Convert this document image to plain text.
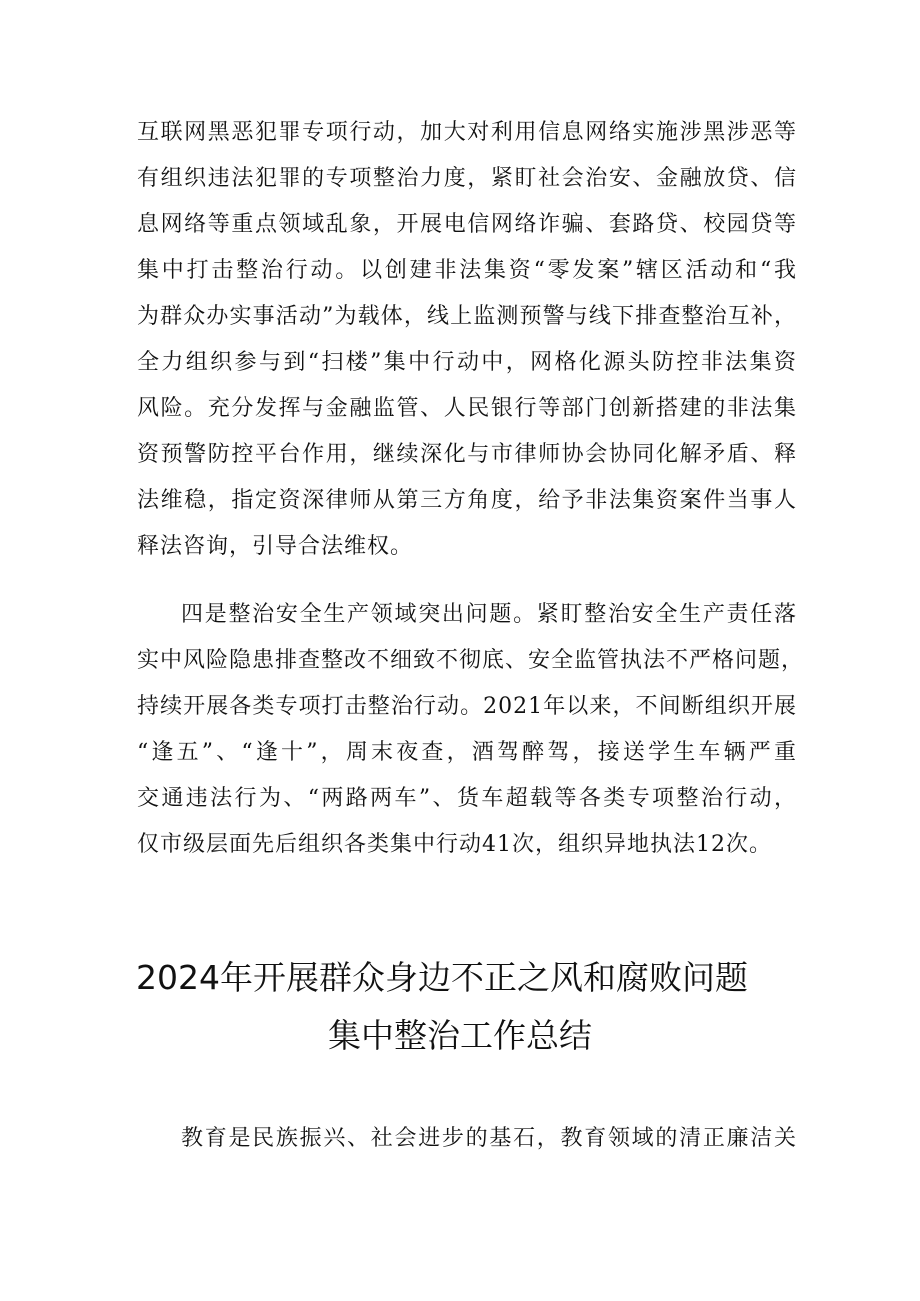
互联网黑恶犯罪专项行动，加大对利用信息网络实施涉黑涉恶等
有组织违法犯罪的专项整治力度，紧盯社会治安、金融放贷、信
息网络等重点领域乱象，开展电信网络诈骗、套路贷、校园贷等
集中打击整治行动。以创建非法集资“零发案”辖区活动和“我
为群众办实事活动”为载体，线上监测预警与线下排查整治互补，
全力组织参与到“扫楼”集中行动中，网格化源头防控非法集资
风险。充分发挥与金融监管、人民银行等部门创新搭建的非法集
资预警防控平台作用，继续深化与市律师协会协同化解矛盾、释
法维稳，指定资深律师从第三方角度，给予非法集资案件当事人
释法咨询，引导合法维权。
四是整治安全生产领域突出问题。紧盯整治安全生产责任落
实中风险隐患排查整改不细致不彻底、安全监管执法不严格问题，
持续开展各类专项打击整治行动。2021年以来，不间断组织开展
“逢五”、“逢十”，周末夜查，酒驾醉驾，接送学生车辆严重
交通违法行为、“两路两车”、货车超载等各类专项整治行动，
仅市级层面先后组织各类集中行动41次，组织异地执法12次。
2024年开展群众身边不正之风和腐败问题
集中整治工作总结
教育是民族振兴、社会进步的基石，教育领域的清正廉洁关
